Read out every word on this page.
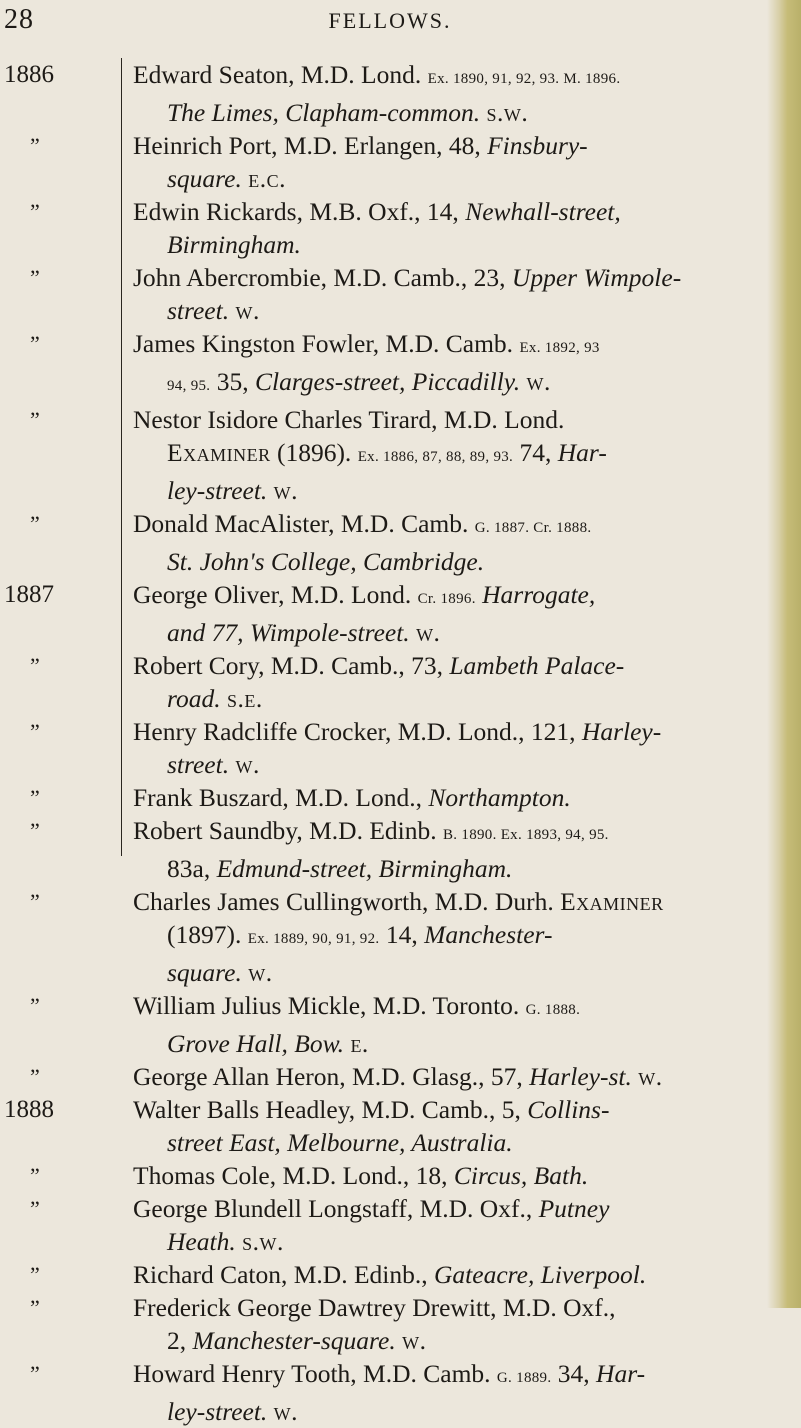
28	FELLOWS.
1886	Edward Seaton, M.D. Lond. Ex. 1890, 91, 92, 93. M. 1896.
The Limes, Clapham-common. s.w.
”	Heinrich Port, M.D. Erlangen, 48, Finsbury-
square. e.c.
”	Edwin Rickards, M.B. Oxf., 14, Newhall-street,
Birmingham.
”	John Abercrombie, M.D. Camb., 23, Upper Wimpole-
street. w.
”	James Kingston Fowler, M.D. Camb. Ex. 1892, 93
94, 95. 35, Clarges-street, Piccadilly. w.
”	Nestor Isidore Charles Tirard, M.D. Lond.
Examiner (1896). Ex. 1886, 87, 88, 89, 93. 74, Har-
ley-street. w.
”	Donald MacAlister, M.D. Camb. G. 1887. Cr. 1888.
St. John's College, Cambridge.
1887	George Oliver, M.D. Lond. Cr. 1896. Harrogate,
and 77, Wimpole-street. w.
”	Robert Cory, M.D. Camb., 73, Lambeth Palace-
road. s.e.
”	Henry Radcliffe Crocker, M.D. Lond., 121, Harley-
street. w.
”	Frank Buszard, M.D. Lond., Northampton.
”	Robert Saundby, M.D. Edinb. B. 1890. Ex. 1893, 94, 95.
83a, Edmund-street, Birmingham.
”	Charles James Cullingworth, M.D. Durh. Examiner
(1897). Ex. 1889, 90, 91, 92. 14, Manchester-
square. w.
”	William Julius Mickle, M.D. Toronto. G. 1888.
Grove Hall, Bow. e.
”	George Allan Heron, M.D. Glasg., 57, Harley-st. w.
1888	Walter Balls Headley, M.D. Camb., 5, Collins-
street East, Melbourne, Australia.
”	Thomas Cole, M.D. Lond., 18, Circus, Bath.
”	George Blundell Longstaff, M.D. Oxf., Putney
Heath. s.w.
”	Richard Caton, M.D. Edinb., Gateacre, Liverpool.
”	Frederick George Dawtrey Drewitt, M.D. Oxf.,
2, Manchester-square. w.
”	Howard Henry Tooth, M.D. Camb. G. 1889. 34, Har-
ley-street. w.
